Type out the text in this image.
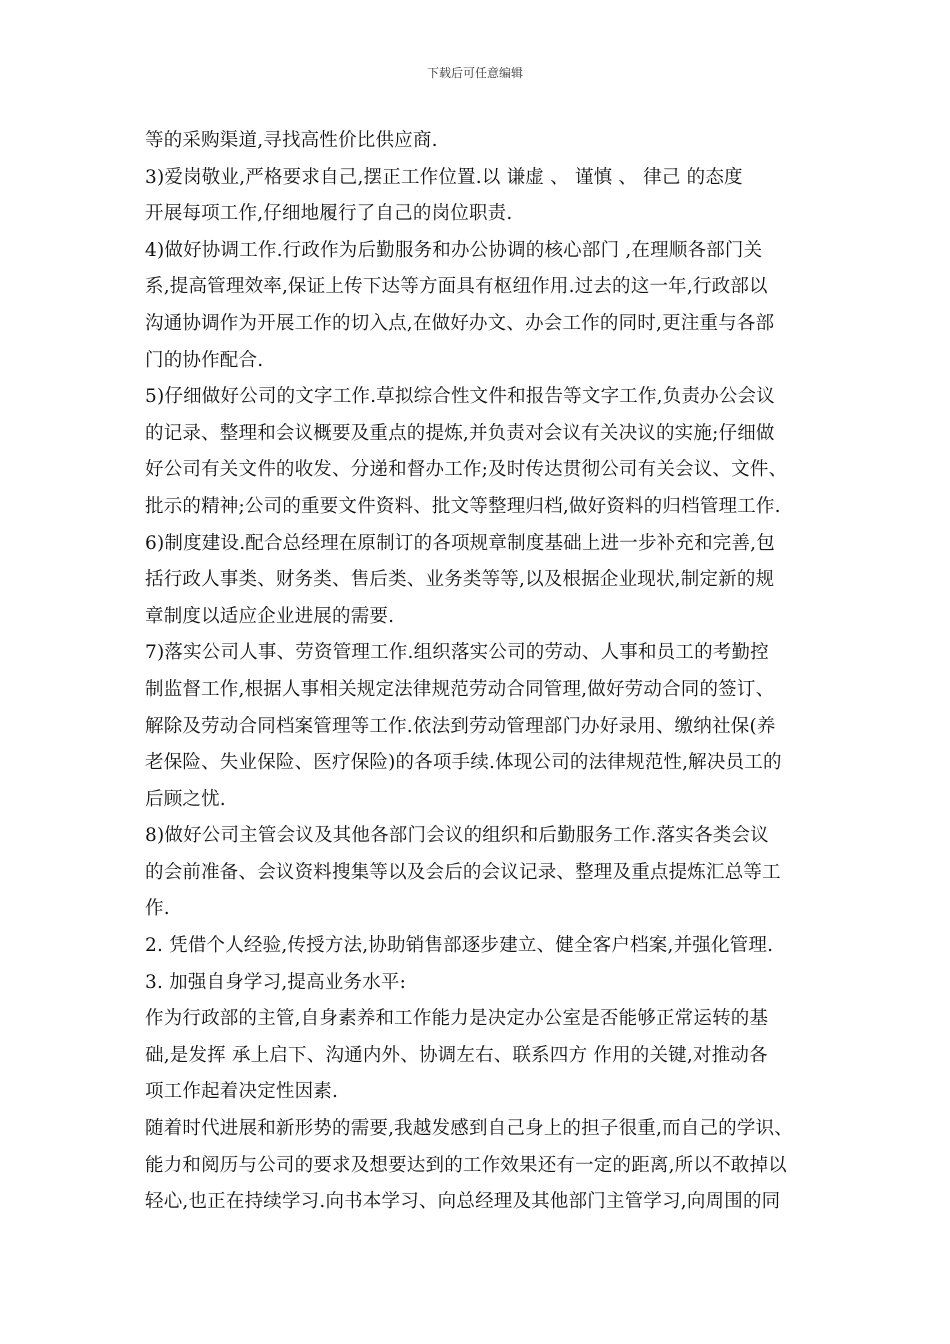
下载后可任意编辑
等的采购渠道,寻找高性价比供应商.
3)爱岗敬业,严格要求自己,摆正工作位置.以 谦虚 、 谨慎 、 律己 的态度
开展每项工作,仔细地履行了自己的岗位职责.
4)做好协调工作.行政作为后勤服务和办公协调的核心部门 ,在理顺各部门关
系,提高管理效率,保证上传下达等方面具有枢纽作用.过去的这一年,行政部以
沟通协调作为开展工作的切入点,在做好办文、办会工作的同时,更注重与各部
门的协作配合.
5)仔细做好公司的文字工作.草拟综合性文件和报告等文字工作,负责办公会议
的记录、整理和会议概要及重点的提炼,并负责对会议有关决议的实施;仔细做
好公司有关文件的收发、分递和督办工作;及时传达贯彻公司有关会议、文件、
批示的精神;公司的重要文件资料、批文等整理归档,做好资料的归档管理工作.
6)制度建设.配合总经理在原制订的各项规章制度基础上进一步补充和完善,包
括行政人事类、财务类、售后类、业务类等等,以及根据企业现状,制定新的规
章制度以适应企业进展的需要.
7)落实公司人事、劳资管理工作.组织落实公司的劳动、人事和员工的考勤控
制监督工作,根据人事相关规定法律规范劳动合同管理,做好劳动合同的签订、
解除及劳动合同档案管理等工作.依法到劳动管理部门办好录用、缴纳社保(养
老保险、失业保险、医疗保险)的各项手续.体现公司的法律规范性,解决员工的
后顾之忧.
8)做好公司主管会议及其他各部门会议的组织和后勤服务工作.落实各类会议
的会前准备、会议资料搜集等以及会后的会议记录、整理及重点提炼汇总等工
作.
2. 凭借个人经验,传授方法,协助销售部逐步建立、健全客户档案,并强化管理.
3. 加强自身学习,提高业务水平:
作为行政部的主管,自身素养和工作能力是决定办公室是否能够正常运转的基
础,是发挥 承上启下、沟通内外、协调左右、联系四方 作用的关键,对推动各
项工作起着决定性因素.
随着时代进展和新形势的需要,我越发感到自己身上的担子很重,而自己的学识、
能力和阅历与公司的要求及想要达到的工作效果还有一定的距离,所以不敢掉以
轻心,也正在持续学习.向书本学习、向总经理及其他部门主管学习,向周围的同
